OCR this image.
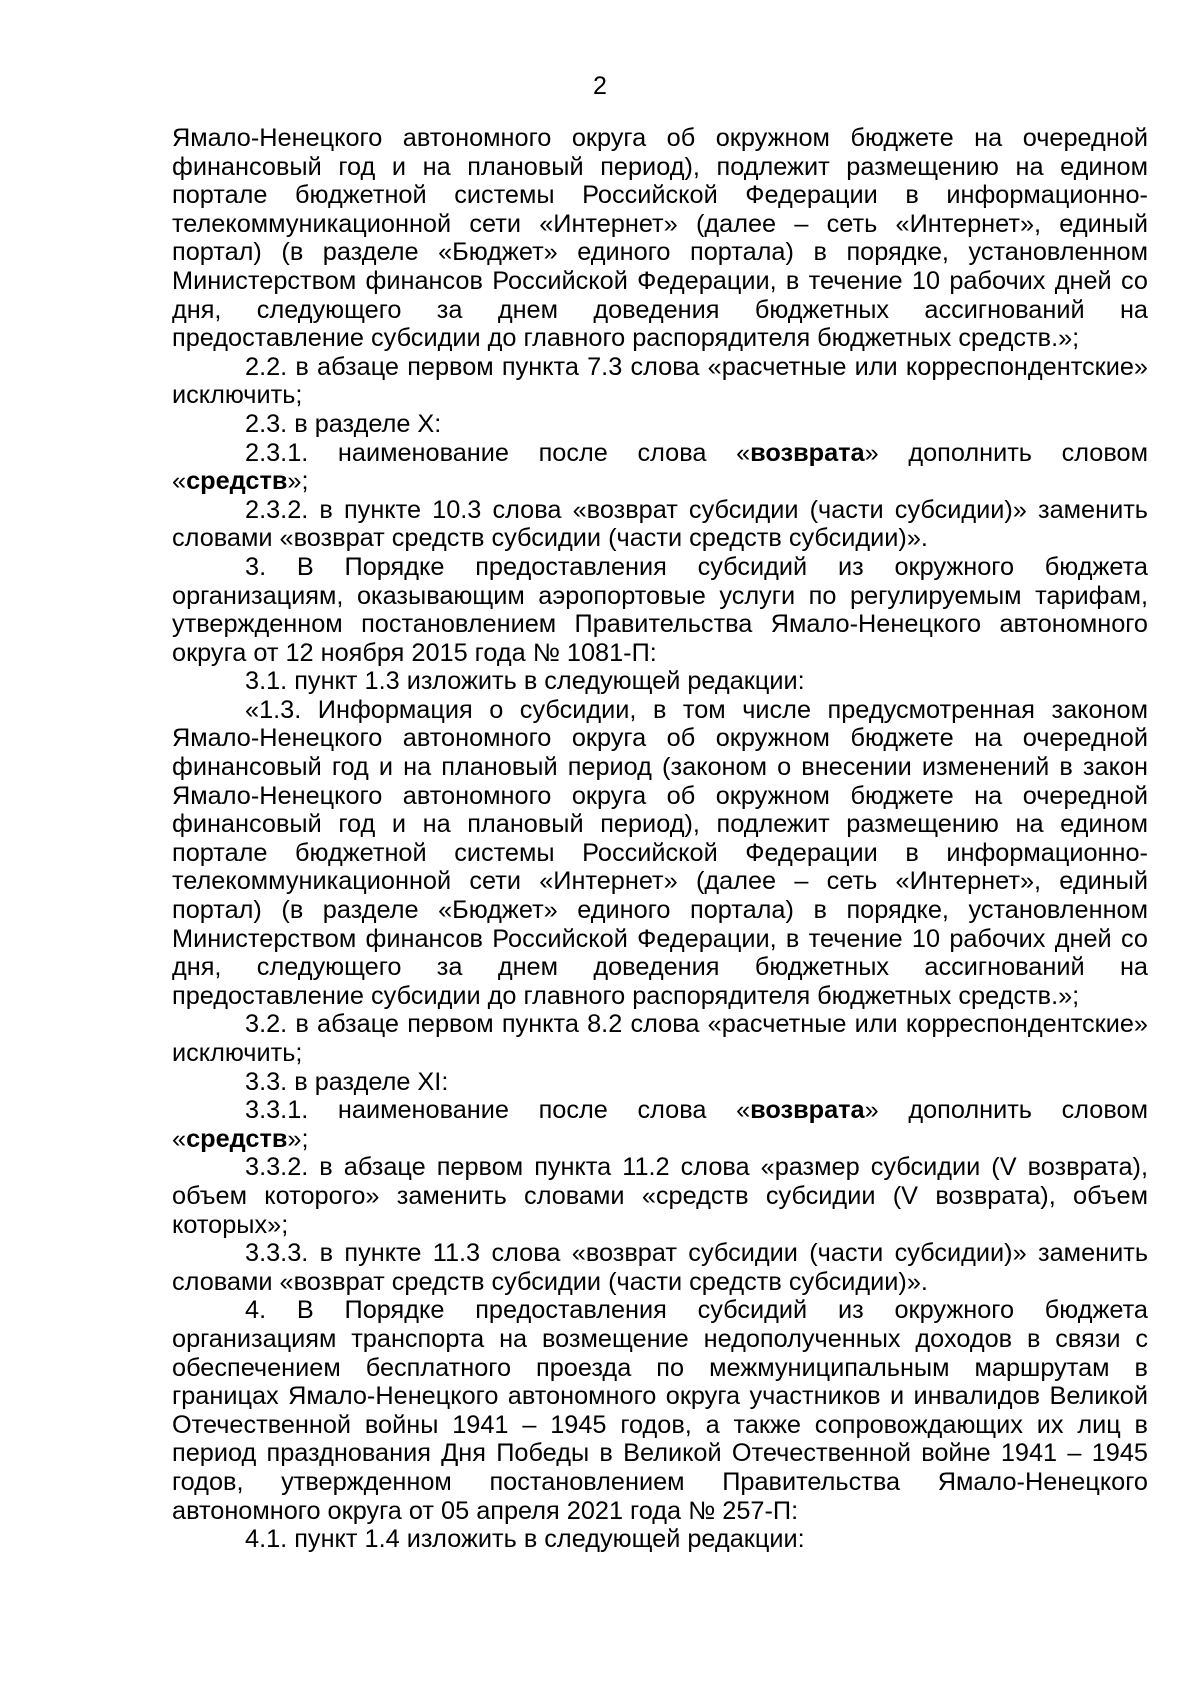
2

Ямало-Ненецкого автономного округа об окружном бюджете на очередной финансовый год и на плановый период), подлежит размещению на едином портале бюджетной системы Российской Федерации в информационно-телекоммуникационной сети «Интернет» (далее – сеть «Интернет», единый портал) (в разделе «Бюджет» единого портала) в порядке, установленном Министерством финансов Российской Федерации, в течение 10 рабочих дней со дня, следующего за днем доведения бюджетных ассигнований на предоставление субсидии до главного распорядителя бюджетных средств.»;

2.2. в абзаце первом пункта 7.3 слова «расчетные или корреспондентские» исключить;

2.3. в разделе X:

2.3.1. наименование после слова «возврата» дополнить словом «средств»;

2.3.2. в пункте 10.3 слова «возврат субсидии (части субсидии)» заменить словами «возврат средств субсидии (части средств субсидии)».

3. В Порядке предоставления субсидий из окружного бюджета организациям, оказывающим аэропортовые услуги по регулируемым тарифам, утвержденном постановлением Правительства Ямало-Ненецкого автономного округа от 12 ноября 2015 года № 1081-П:

3.1. пункт 1.3 изложить в следующей редакции:

«1.3. Информация о субсидии, в том числе предусмотренная законом Ямало-Ненецкого автономного округа об окружном бюджете на очередной финансовый год и на плановый период (законом о внесении изменений в закон Ямало-Ненецкого автономного округа об окружном бюджете на очередной финансовый год и на плановый период), подлежит размещению на едином портале бюджетной системы Российской Федерации в информационно-телекоммуникационной сети «Интернет» (далее – сеть «Интернет», единый портал) (в разделе «Бюджет» единого портала) в порядке, установленном Министерством финансов Российской Федерации, в течение 10 рабочих дней со дня, следующего за днем доведения бюджетных ассигнований на предоставление субсидии до главного распорядителя бюджетных средств.»;

3.2. в абзаце первом пункта 8.2 слова «расчетные или корреспондентские» исключить;

3.3. в разделе XI:

3.3.1. наименование после слова «возврата» дополнить словом «средств»;

3.3.2. в абзаце первом пункта 11.2 слова «размер субсидии (V возврата), объем которого» заменить словами «средств субсидии (V возврата), объем которых»;

3.3.3. в пункте 11.3 слова «возврат субсидии (части субсидии)» заменить словами «возврат средств субсидии (части средств субсидии)».

4. В Порядке предоставления субсидий из окружного бюджета организациям транспорта на возмещение недополученных доходов в связи с обеспечением бесплатного проезда по межмуниципальным маршрутам в границах Ямало-Ненецкого автономного округа участников и инвалидов Великой Отечественной войны 1941 – 1945 годов, а также сопровождающих их лиц в период празднования Дня Победы в Великой Отечественной войне 1941 – 1945 годов, утвержденном постановлением Правительства Ямало-Ненецкого автономного округа от 05 апреля 2021 года № 257-П:

4.1. пункт 1.4 изложить в следующей редакции:
